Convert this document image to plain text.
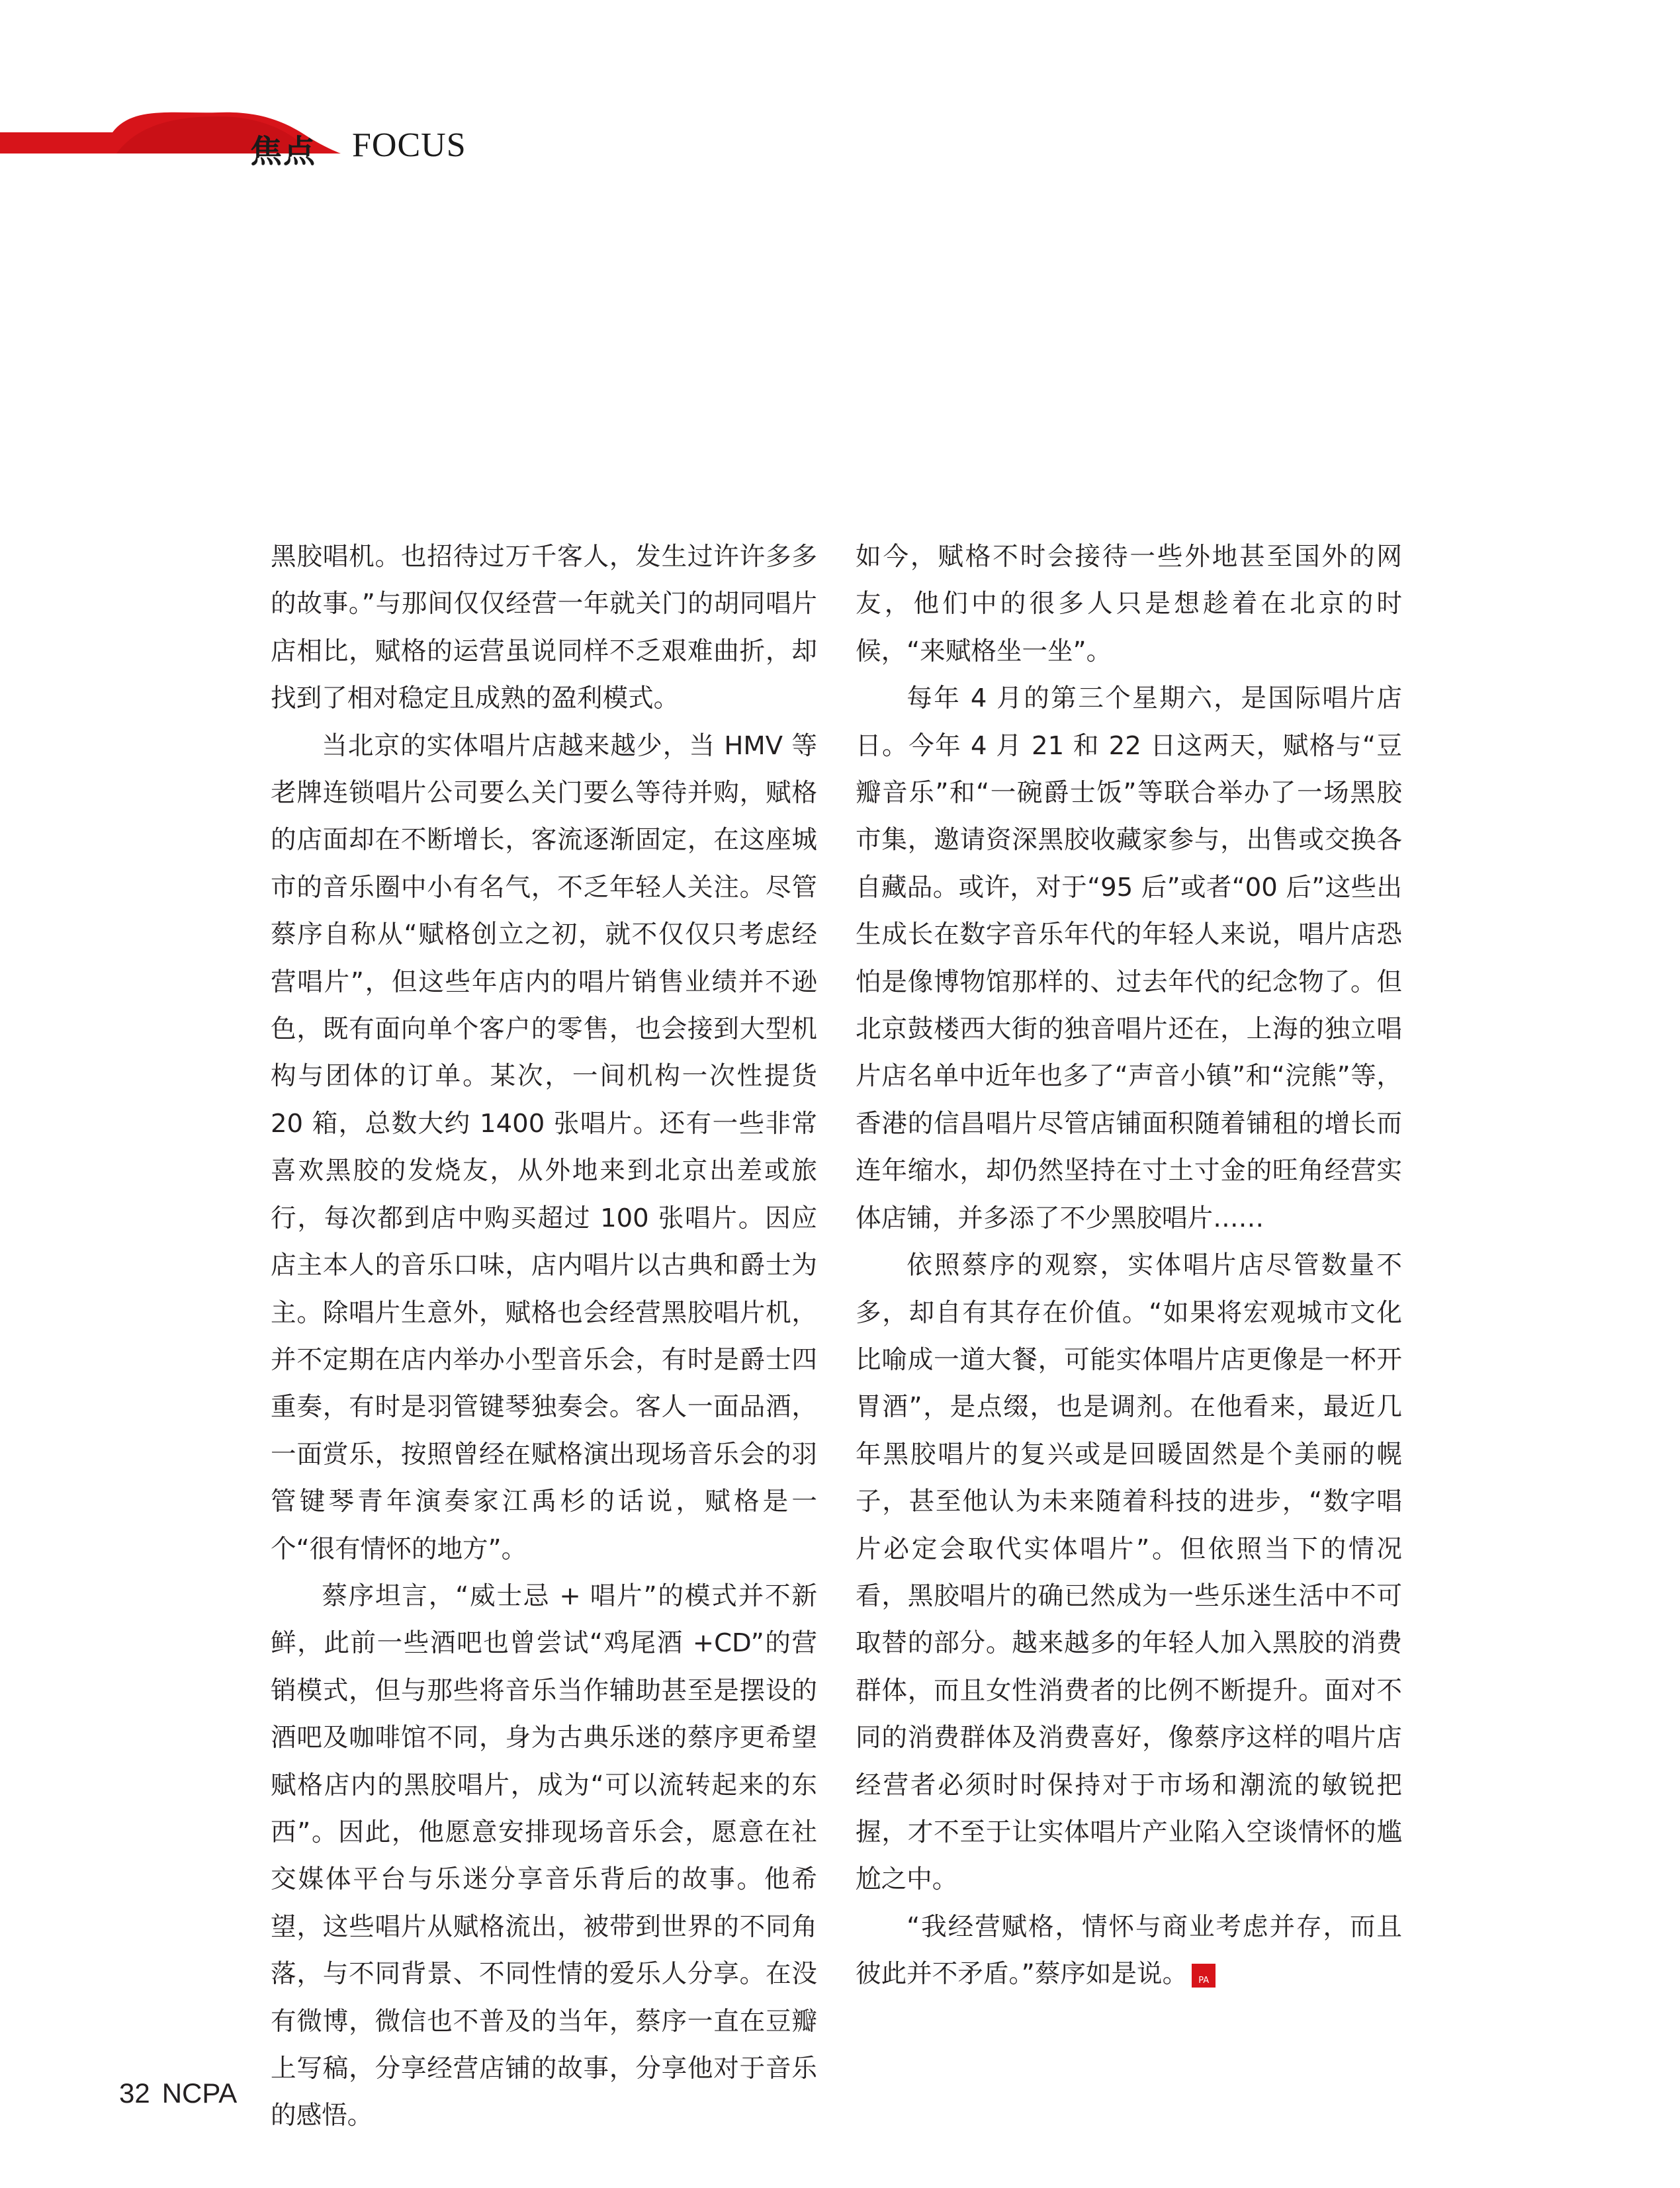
焦点 FOCUS

黑胶唱机。也招待过万千客人，发生过许许多多的故事。”与那间仅仅经营一年就关门的胡同唱片店相比，赋格的运营虽说同样不乏艰难曲折，却找到了相对稳定且成熟的盈利模式。

当北京的实体唱片店越来越少，当 HMV 等老牌连锁唱片公司要么关门要么等待并购，赋格的店面却在不断增长，客流逐渐固定，在这座城市的音乐圈中小有名气，不乏年轻人关注。尽管蔡序自称从“赋格创立之初，就不仅仅只考虑经营唱片”，但这些年店内的唱片销售业绩并不逊色，既有面向单个客户的零售，也会接到大型机构与团体的订单。某次，一间机构一次性提货 20 箱，总数大约 1400 张唱片。还有一些非常喜欢黑胶的发烧友，从外地来到北京出差或旅行，每次都到店中购买超过 100 张唱片。因应店主本人的音乐口味，店内唱片以古典和爵士为主。除唱片生意外，赋格也会经营黑胶唱片机，并不定期在店内举办小型音乐会，有时是爵士四重奏，有时是羽管键琴独奏会。客人一面品酒，一面赏乐，按照曾经在赋格演出现场音乐会的羽管键琴青年演奏家江禹杉的话说，赋格是一个“很有情怀的地方”。

蔡序坦言，“威士忌 + 唱片”的模式并不新鲜，此前一些酒吧也曾尝试“鸡尾酒 +CD”的营销模式，但与那些将音乐当作辅助甚至是摆设的酒吧及咖啡馆不同，身为古典乐迷的蔡序更希望赋格店内的黑胶唱片，成为“可以流转起来的东西”。因此，他愿意安排现场音乐会，愿意在社交媒体平台与乐迷分享音乐背后的故事。他希望，这些唱片从赋格流出，被带到世界的不同角落，与不同背景、不同性情的爱乐人分享。在没有微博，微信也不普及的当年，蔡序一直在豆瓣上写稿，分享经营店铺的故事，分享他对于音乐的感悟。

如今，赋格不时会接待一些外地甚至国外的网友，他们中的很多人只是想趁着在北京的时候，“来赋格坐一坐”。

每年 4 月的第三个星期六，是国际唱片店日。今年 4 月 21 和 22 日这两天，赋格与“豆瓣音乐”和“一碗爵士饭”等联合举办了一场黑胶市集，邀请资深黑胶收藏家参与，出售或交换各自藏品。或许，对于“95 后”或者“00 后”这些出生成长在数字音乐年代的年轻人来说，唱片店恐怕是像博物馆那样的、过去年代的纪念物了。但北京鼓楼西大街的独音唱片还在，上海的独立唱片店名单中近年也多了“声音小镇”和“浣熊”等，香港的信昌唱片尽管店铺面积随着铺租的增长而连年缩水，却仍然坚持在寸土寸金的旺角经营实体店铺，并多添了不少黑胶唱片……

依照蔡序的观察，实体唱片店尽管数量不多，却自有其存在价值。“如果将宏观城市文化比喻成一道大餐，可能实体唱片店更像是一杯开胃酒”，是点缀，也是调剂。在他看来，最近几年黑胶唱片的复兴或是回暖固然是个美丽的幌子，甚至他认为未来随着科技的进步，“数字唱片必定会取代实体唱片”。但依照当下的情况看，黑胶唱片的确已然成为一些乐迷生活中不可取替的部分。越来越多的年轻人加入黑胶的消费群体，而且女性消费者的比例不断提升。面对不同的消费群体及消费喜好，像蔡序这样的唱片店经营者必须时时保持对于市场和潮流的敏锐把握，才不至于让实体唱片产业陷入空谈情怀的尴尬之中。

“我经营赋格，情怀与商业考虑并存，而且彼此并不矛盾。”蔡序如是说。	NC
PA

32 NCPA
